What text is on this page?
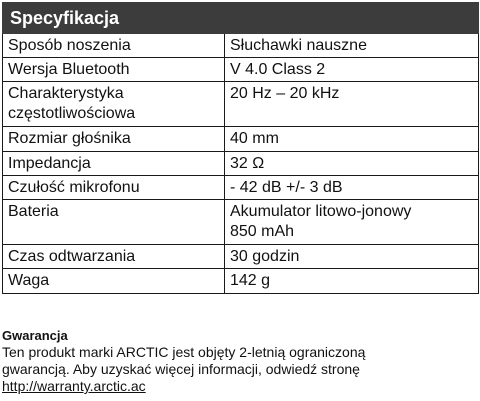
Specyfikacja	
Sposób noszenia	Słuchawki nauszne
Wersja Bluetooth	V 4.0 Class 2
Charakterystyka
częstotliwościowa	20 Hz – 20 kHz
Rozmiar głośnika	40 mm
Impedancja	32 Ω
Czułość mikrofonu	- 42 dB +/- 3 dB
Bateria	Akumulator litowo-jonowy
850 mAh
Czas odtwarzania	30 godzin
Waga	142 g
Gwarancja
Ten produkt marki ARCTIC jest objęty 2-letnią ograniczoną
gwarancją. Aby uzyskać więcej informacji, odwiedź stronę
http://warranty.arctic.ac
